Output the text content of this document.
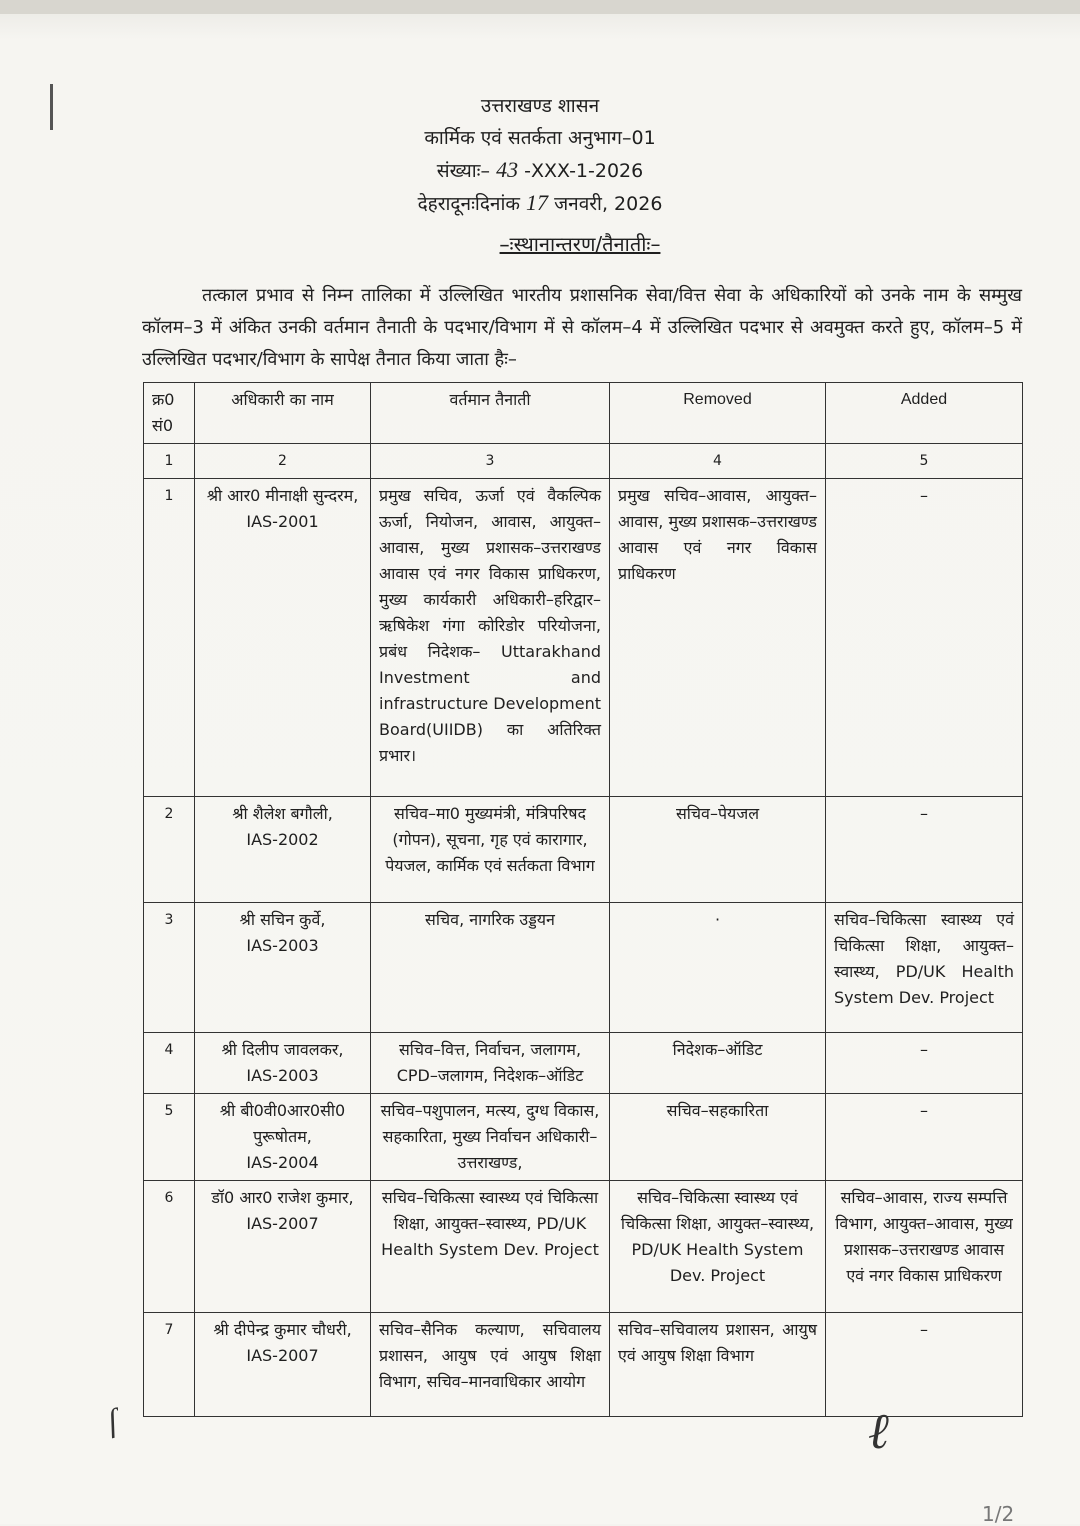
उत्तराखण्ड शासन
कार्मिक एवं सतर्कता अनुभाग–01
संख्याः– 43 -XXX-1-2026
देहरादूनःदिनांक 17 जनवरी, 2026
–ःस्थानान्तरण/तैनातीः–
तत्काल प्रभाव से निम्न तालिका में उल्लिखित भारतीय प्रशासनिक सेवा/वित्त सेवा के अधिकारियों को उनके नाम के सम्मुख कॉलम–3 में अंकित उनकी वर्तमान तैनाती के पदभार/विभाग में से कॉलम–4 में उल्लिखित पदभार से अवमुक्त करते हुए, कॉलम–5 में उल्लिखित पदभार/विभाग के सापेक्ष तैनात किया जाता हैः–
क्र0 सं0	अधिकारी का नाम	वर्तमान तैनाती	Removed	Added
1	2	3	4	5
1	श्री आर0 मीनाक्षी सुन्दरम,
IAS-2001	प्रमुख सचिव, ऊर्जा एवं वैकल्पिक ऊर्जा, नियोजन, आवास, आयुक्त–आवास, मुख्य प्रशासक–उत्तराखण्ड आवास एवं नगर विकास प्राधिकरण, मुख्य कार्यकारी अधिकारी–हरिद्वार–ऋषिकेश गंगा कोरिडोर परियोजना, प्रबंध निदेशक– Uttarakhand Investment and infrastructure Development Board(UIIDB) का अतिरिक्त प्रभार।	प्रमुख सचिव–आवास, आयुक्त–आवास, मुख्य प्रशासक–उत्तराखण्ड आवास एवं नगर विकास प्राधिकरण	–
2	श्री शैलेश बगौली,
IAS-2002	सचिव–मा0 मुख्यमंत्री, मंत्रिपरिषद (गोपन), सूचना, गृह एवं कारागार, पेयजल, कार्मिक एवं सर्तकता विभाग	सचिव–पेयजल	–
3	श्री सचिन कुर्वे,
IAS-2003	सचिव, नागरिक उड्डयन	·	सचिव–चिकित्सा स्वास्थ्य एवं चिकित्सा शिक्षा, आयुक्त–स्वास्थ्य, PD/UK Health System Dev. Project
4	श्री दिलीप जावलकर,
IAS-2003	सचिव–वित्त, निर्वाचन, जलागम, CPD–जलागम, निदेशक–ऑडिट	निदेशक–ऑडिट	–
5	श्री बी0वी0आर0सी0 पुरूषोतम,
IAS-2004	सचिव–पशुपालन, मत्स्य, दुग्ध विकास, सहकारिता, मुख्य निर्वाचन अधिकारी– उत्तराखण्ड,	सचिव–सहकारिता	–
6	डॉ0 आर0 राजेश कुमार,
IAS-2007	सचिव–चिकित्सा स्वास्थ्य एवं चिकित्सा शिक्षा, आयुक्त–स्वास्थ्य, PD/UK Health System Dev. Project	सचिव–चिकित्सा स्वास्थ्य एवं चिकित्सा शिक्षा, आयुक्त–स्वास्थ्य, PD/UK Health System Dev. Project	सचिव–आवास, राज्य सम्पत्ति विभाग, आयुक्त–आवास, मुख्य प्रशासक–उत्तराखण्ड आवास एवं नगर विकास प्राधिकरण
7	श्री दीपेन्द्र कुमार चौधरी,
IAS-2007	सचिव–सैनिक कल्याण, सचिवालय प्रशासन, आयुष एवं आयुष शिक्षा विभाग, सचिव–मानवाधिकार आयोग	सचिव–सचिवालय प्रशासन, आयुष एवं आयुष शिक्षा विभाग	–
ſ	ℓ
1/2
